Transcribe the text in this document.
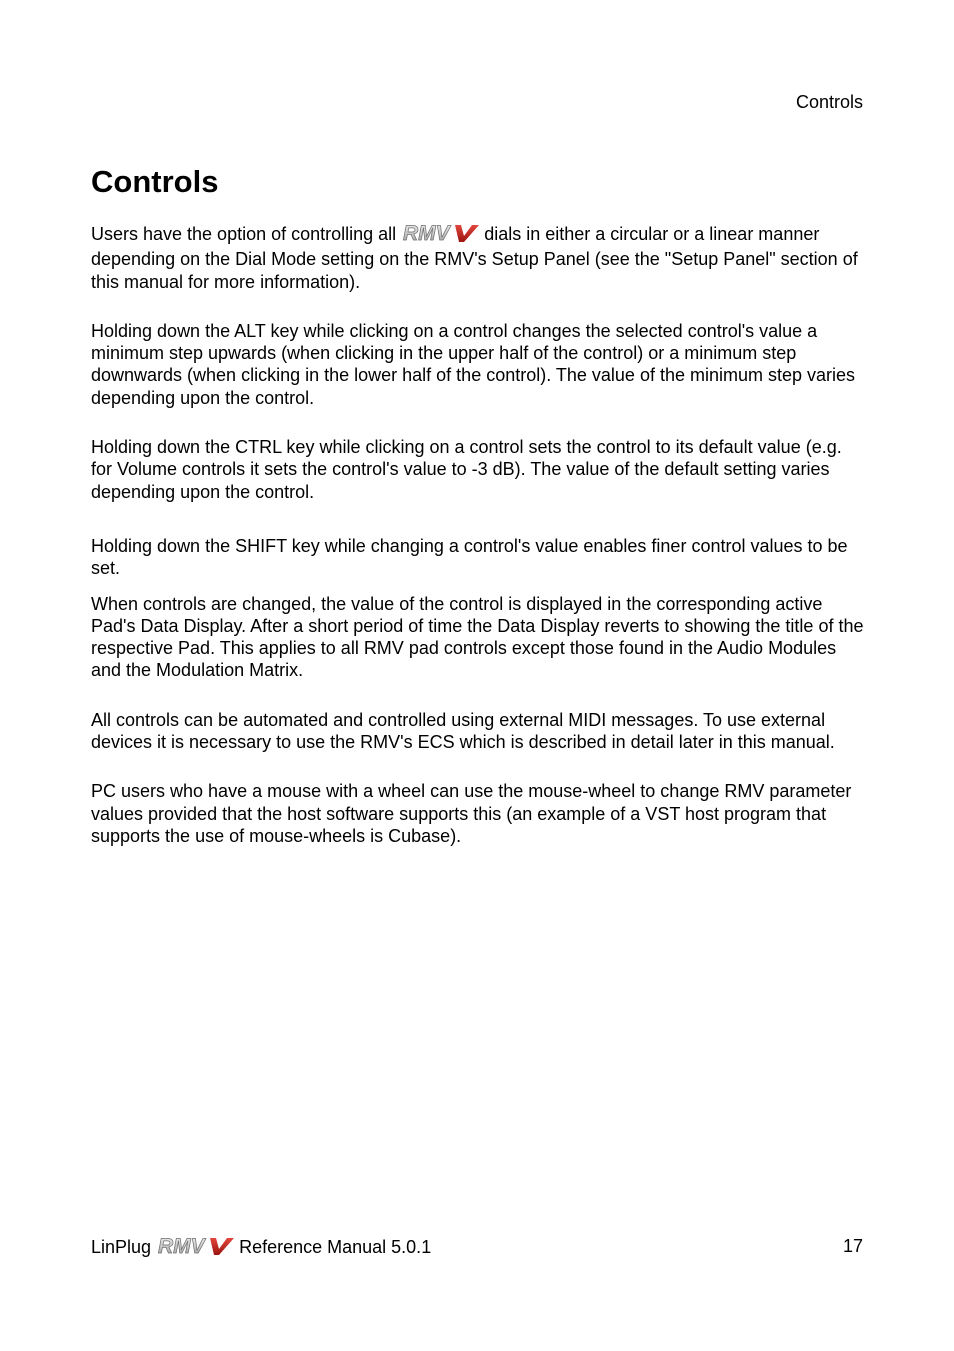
Controls
Controls

Users have the option of controlling all RMV dials in either a circular or a linear manner depending on the Dial Mode setting on the RMV's Setup Panel (see the "Setup Panel" section of this manual for more information).

Holding down the ALT key while clicking on a control changes the selected control's value a minimum step upwards (when clicking in the upper half of the control) or a minimum step downwards (when clicking in the lower half of the control). The value of the minimum step varies depending upon the control.

Holding down the CTRL key while clicking on a control sets the control to its default value (e.g. for Volume controls it sets the control's value to -3 dB). The value of the default setting varies depending upon the control.

Holding down the SHIFT key while changing a control's value enables finer control values to be set.

When controls are changed, the value of the control is displayed in the corresponding active Pad's Data Display. After a short period of time the Data Display reverts to showing the title of the respective Pad. This applies to all RMV pad controls except those found in the Audio Modules and the Modulation Matrix.

All controls can be automated and controlled using external MIDI messages. To use external devices it is necessary to use the RMV's ECS which is described in detail later in this manual.

PC users who have a mouse with a wheel can use the mouse-wheel to change RMV parameter values provided that the host software supports this (an example of a VST host program that supports the use of mouse-wheels is Cubase).

LinPlug RMV Reference Manual 5.0.1	17
